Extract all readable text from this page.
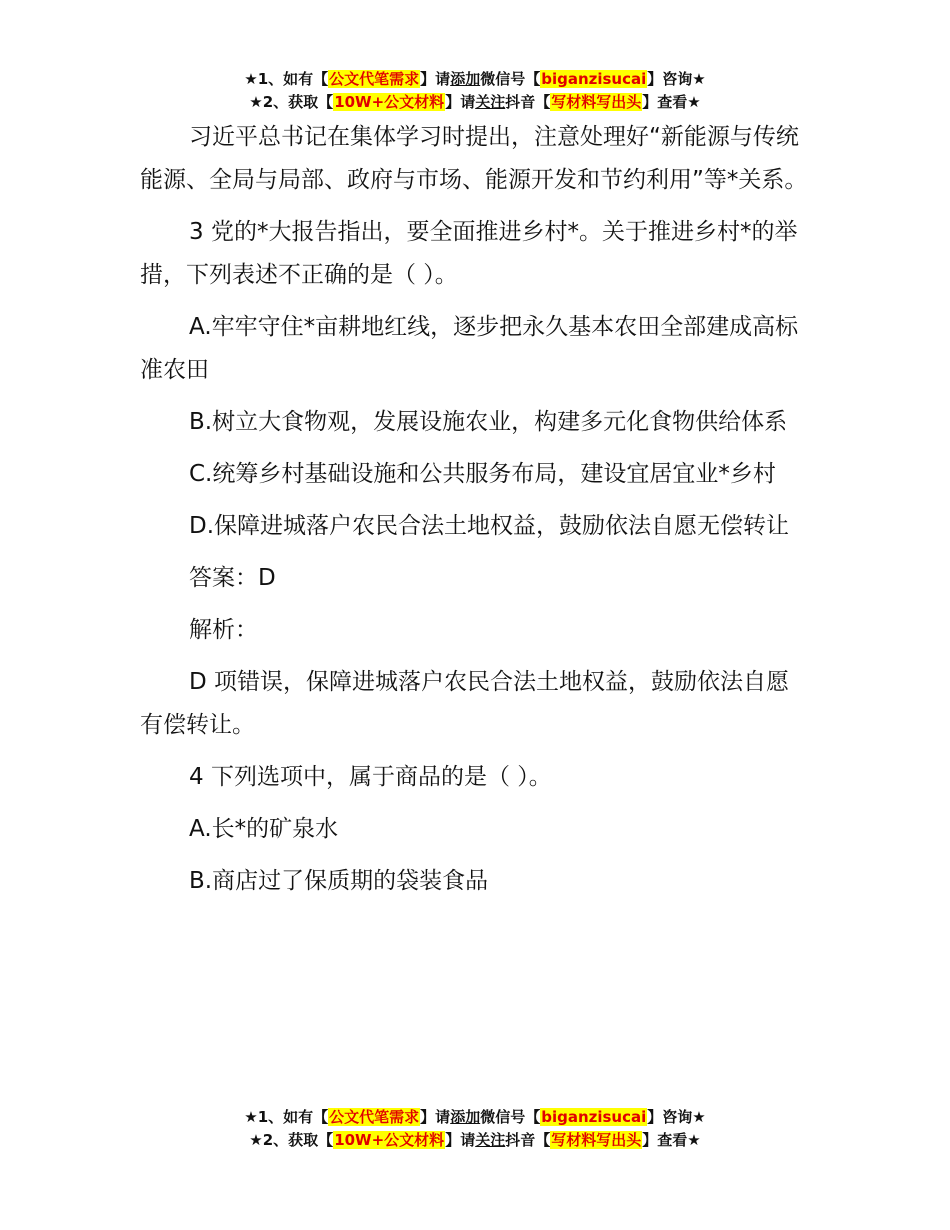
★1、如有【公文代笔需求】请添加微信号【biganzisucai】咨询★
★2、获取【10W+公文材料】请关注抖音【写材料写出头】查看★

习近平总书记在集体学习时提出，注意处理好“新能源与传统能源、全局与局部、政府与市场、能源开发和节约利用”等*关系。

3 党的*大报告指出，要全面推进乡村*。关于推进乡村*的举措，下列表述不正确的是（ ）。

A.牢牢守住*亩耕地红线，逐步把永久基本农田全部建成高标准农田

B.树立大食物观，发展设施农业，构建多元化食物供给体系

C.统筹乡村基础设施和公共服务布局，建设宜居宜业*乡村

D.保障进城落户农民合法土地权益，鼓励依法自愿无偿转让

答案：D

解析：

D 项错误，保障进城落户农民合法土地权益，鼓励依法自愿有偿转让。

4 下列选项中，属于商品的是（ ）。

A.长*的矿泉水

B.商店过了保质期的袋装食品

★1、如有【公文代笔需求】请添加微信号【biganzisucai】咨询★
★2、获取【10W+公文材料】请关注抖音【写材料写出头】查看★
